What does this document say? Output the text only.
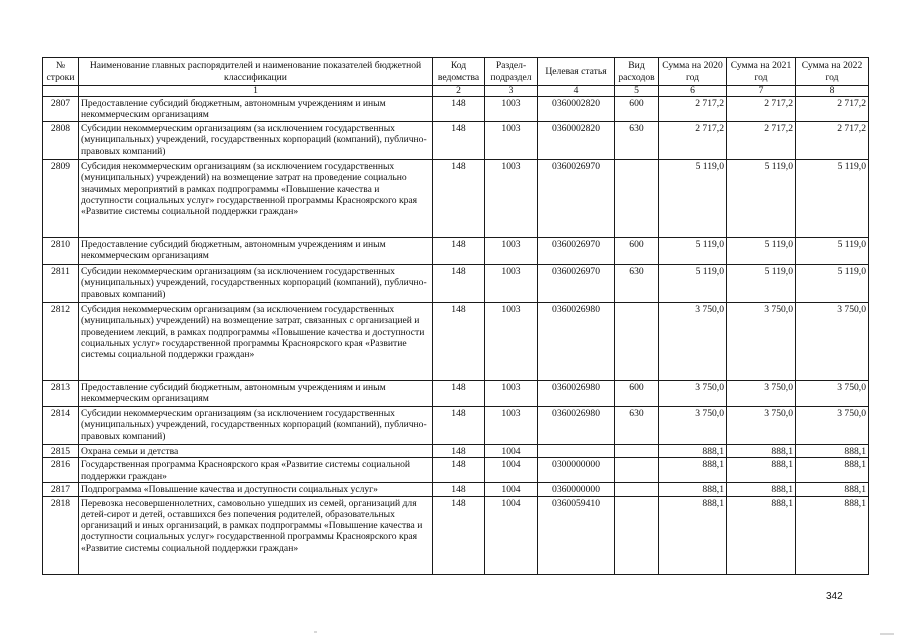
№ строки	Наименование главных распорядителей и наименование показателей бюджетной классификации	Код ведомства	Раздел-подраздел	Целевая статья	Вид расходов	Сумма на 2020 год	Сумма на 2021 год	Сумма на 2022 год
	1	2	3	4	5	6	7	8
2807	Предоставление субсидий бюджетным, автономным учреждениям и иным некоммерческим организациям	148	1003	0360002820	600	2 717,2	2 717,2	2 717,2
2808	Субсидии некоммерческим организациям (за исключением государственных (муниципальных) учреждений, государственных корпораций (компаний), публично-правовых компаний)	148	1003	0360002820	630	2 717,2	2 717,2	2 717,2
2809	Субсидия некоммерческим организациям (за исключением государственных (муниципальных) учреждений) на возмещение затрат на проведение социально значимых мероприятий в рамках подпрограммы «Повышение качества и доступности социальных услуг» государственной программы Красноярского края «Развитие системы социальной поддержки граждан»	148	1003	0360026970		5 119,0	5 119,0	5 119,0
2810	Предоставление субсидий бюджетным, автономным учреждениям и иным некоммерческим организациям	148	1003	0360026970	600	5 119,0	5 119,0	5 119,0
2811	Субсидии некоммерческим организациям (за исключением государственных (муниципальных) учреждений, государственных корпораций (компаний), публично-правовых компаний)	148	1003	0360026970	630	5 119,0	5 119,0	5 119,0
2812	Субсидия некоммерческим организациям (за исключением государственных (муниципальных) учреждений) на возмещение затрат, связанных с организацией и проведением лекций, в рамках подпрограммы «Повышение качества и доступности социальных услуг» государственной программы Красноярского края «Развитие системы социальной поддержки граждан»	148	1003	0360026980		3 750,0	3 750,0	3 750,0
2813	Предоставление субсидий бюджетным, автономным учреждениям и иным некоммерческим организациям	148	1003	0360026980	600	3 750,0	3 750,0	3 750,0
2814	Субсидии некоммерческим организациям (за исключением государственных (муниципальных) учреждений, государственных корпораций (компаний), публично-правовых компаний)	148	1003	0360026980	630	3 750,0	3 750,0	3 750,0
2815	Охрана семьи и детства	148	1004			888,1	888,1	888,1
2816	Государственная программа Красноярского края «Развитие системы социальной поддержки граждан»	148	1004	0300000000		888,1	888,1	888,1
2817	Подпрограмма «Повышение качества и доступности социальных услуг»	148	1004	0360000000		888,1	888,1	888,1
2818	Перевозка несовершеннолетних, самовольно ушедших из семей, организаций для детей-сирот и детей, оставшихся без попечения родителей, образовательных организаций и иных организаций, в рамках подпрограммы «Повышение качества и доступности социальных услуг» государственной программы Красноярского края «Развитие системы социальной поддержки граждан»	148	1004	0360059410		888,1	888,1	888,1
342
